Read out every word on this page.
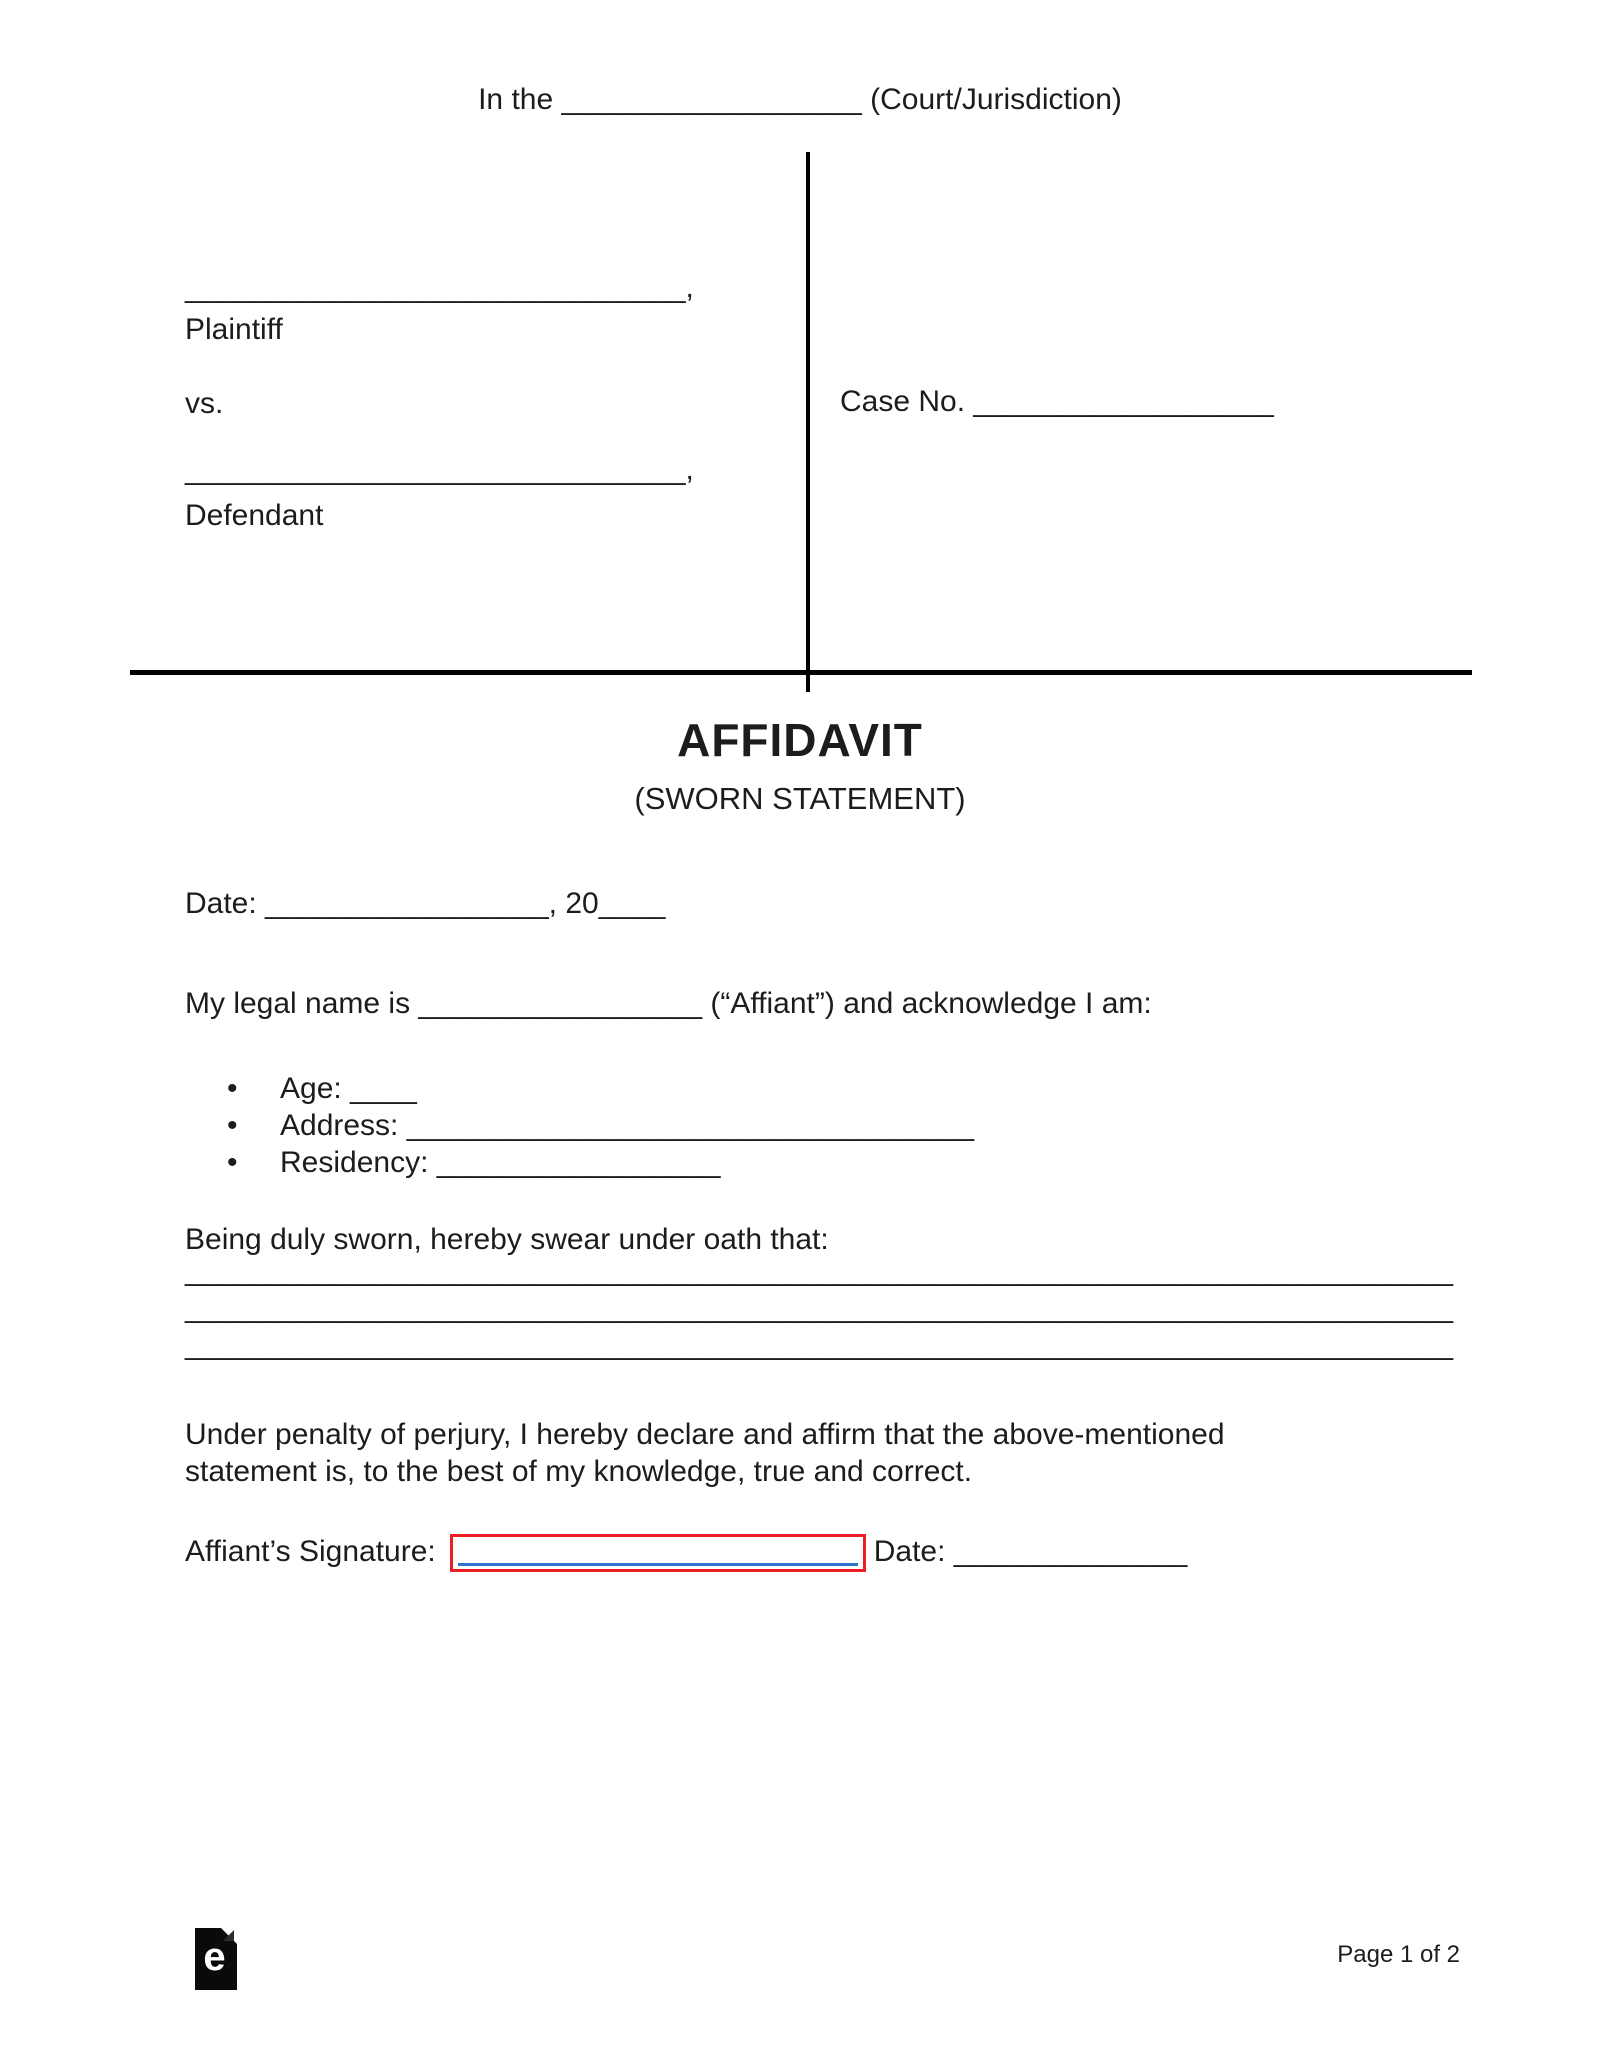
In the __________________ (Court/Jurisdiction)
______________________________,
Plaintiff
vs.
______________________________,
Defendant
Case No. __________________
AFFIDAVIT
(SWORN STATEMENT)
Date: _________________, 20____
My legal name is _________________ (“Affiant”) and acknowledge I am:
• Age: ____
• Address: __________________________________
• Residency: _________________
Being duly sworn, hereby swear under oath that:
____________________________________________________________________________
____________________________________________________________________________
____________________________________________________________________________
Under penalty of perjury, I hereby declare and affirm that the above-mentioned
statement is, to the best of my knowledge, true and correct.
Affiant’s Signature:	Date: ______________
e	Page 1 of 2
